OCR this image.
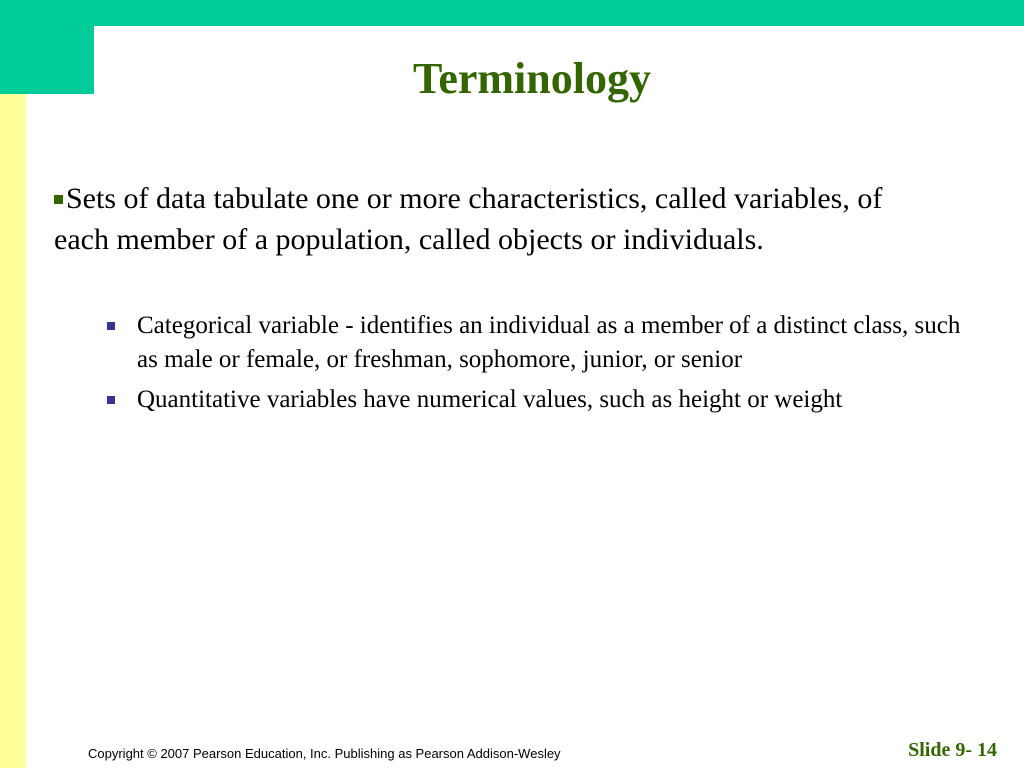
Terminology
Sets of data tabulate one or more characteristics, called variables, of each member of a population, called objects or individuals.
Categorical variable - identifies an individual as a member of a distinct class, such as male or female, or freshman, sophomore, junior, or senior
Quantitative variables have numerical values, such as height or weight
Copyright © 2007 Pearson Education, Inc. Publishing as Pearson Addison-Wesley	Slide 9- 14
